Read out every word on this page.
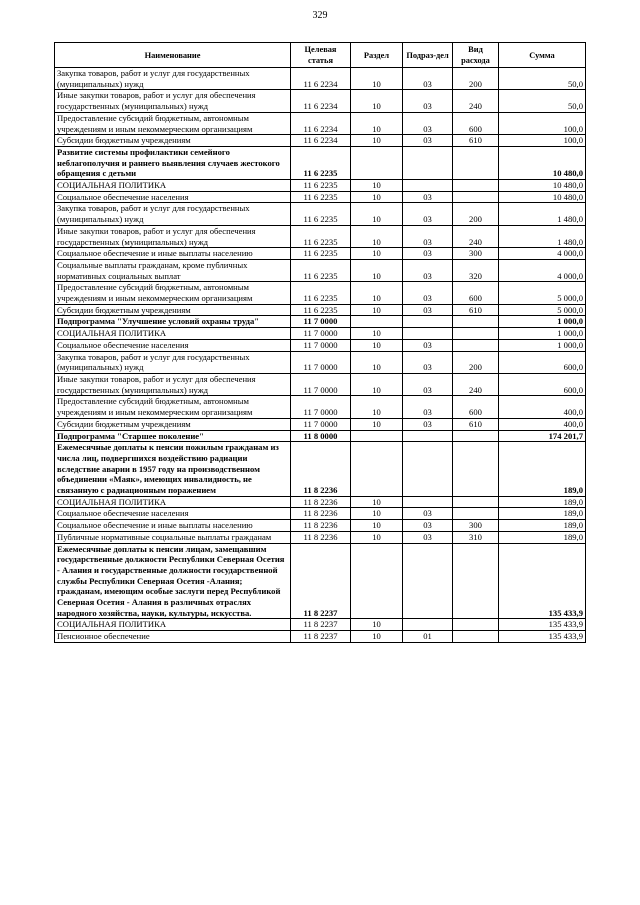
329
Наименование	Целевая статья	Раздел	Подраз-дел	Вид расхода	Сумма
Закупка товаров, работ и услуг для государственных (муниципальных) нужд	11 6 2234	10	03	200	50,0
Иные закупки товаров, работ и услуг для обеспечения государственных (муниципальных) нужд	11 6 2234	10	03	240	50,0
Предоставление субсидий бюджетным, автономным учреждениям и иным некоммерческим организациям	11 6 2234	10	03	600	100,0
Субсидии бюджетным учреждениям	11 6 2234	10	03	610	100,0
Развитие системы профилактики семейного неблагополучия и раннего выявления случаев жестокого обращения с детьми	11 6 2235				10 480,0
СОЦИАЛЬНАЯ ПОЛИТИКА	11 6 2235	10			10 480,0
Социальное обеспечение населения	11 6 2235	10	03		10 480,0
Закупка товаров, работ и услуг для государственных (муниципальных) нужд	11 6 2235	10	03	200	1 480,0
Иные закупки товаров, работ и услуг для обеспечения государственных (муниципальных) нужд	11 6 2235	10	03	240	1 480,0
Социальное обеспечение и иные выплаты населению	11 6 2235	10	03	300	4 000,0
Социальные выплаты гражданам, кроме публичных нормативных социальных выплат	11 6 2235	10	03	320	4 000,0
Предоставление субсидий бюджетным, автономным учреждениям и иным некоммерческим организациям	11 6 2235	10	03	600	5 000,0
Субсидии бюджетным учреждениям	11 6 2235	10	03	610	5 000,0
Подпрограмма "Улучшение условий охраны труда"	11 7 0000				1 000,0
СОЦИАЛЬНАЯ ПОЛИТИКА	11 7 0000	10			1 000,0
Социальное обеспечение населения	11 7 0000	10	03		1 000,0
Закупка товаров, работ и услуг для государственных (муниципальных) нужд	11 7 0000	10	03	200	600,0
Иные закупки товаров, работ и услуг для обеспечения государственных (муниципальных) нужд	11 7 0000	10	03	240	600,0
Предоставление субсидий бюджетным, автономным учреждениям и иным некоммерческим организациям	11 7 0000	10	03	600	400,0
Субсидии бюджетным учреждениям	11 7 0000	10	03	610	400,0
Подпрограмма "Старшее поколение"	11 8 0000				174 201,7
Ежемесячные доплаты к пенсии пожилым гражданам из числа лиц, подвергшихся воздействию радиации вследствие аварии в 1957 году на производственном объединении «Маяк», имеющих инвалидность, не связанную с радиационным поражением	11 8 2236				189,0
СОЦИАЛЬНАЯ ПОЛИТИКА	11 8 2236	10			189,0
Социальное обеспечение населения	11 8 2236	10	03		189,0
Социальное обеспечение и иные выплаты населению	11 8 2236	10	03	300	189,0
Публичные нормативные социальные выплаты гражданам	11 8 2236	10	03	310	189,0
Ежемесячные доплаты к пенсии лицам, замещавшим государственные должности Республики Северная Осетия - Алания и государственные должности государственной службы Республики Северная Осетия -Алания; гражданам, имеющим особые заслуги перед Республикой Северная Осетия - Алания в различных отраслях народного хозяйства, науки, культуры, искусства.	11 8 2237				135 433,9
СОЦИАЛЬНАЯ ПОЛИТИКА	11 8 2237	10			135 433,9
Пенсионное обеспечение	11 8 2237	10	01		135 433,9
